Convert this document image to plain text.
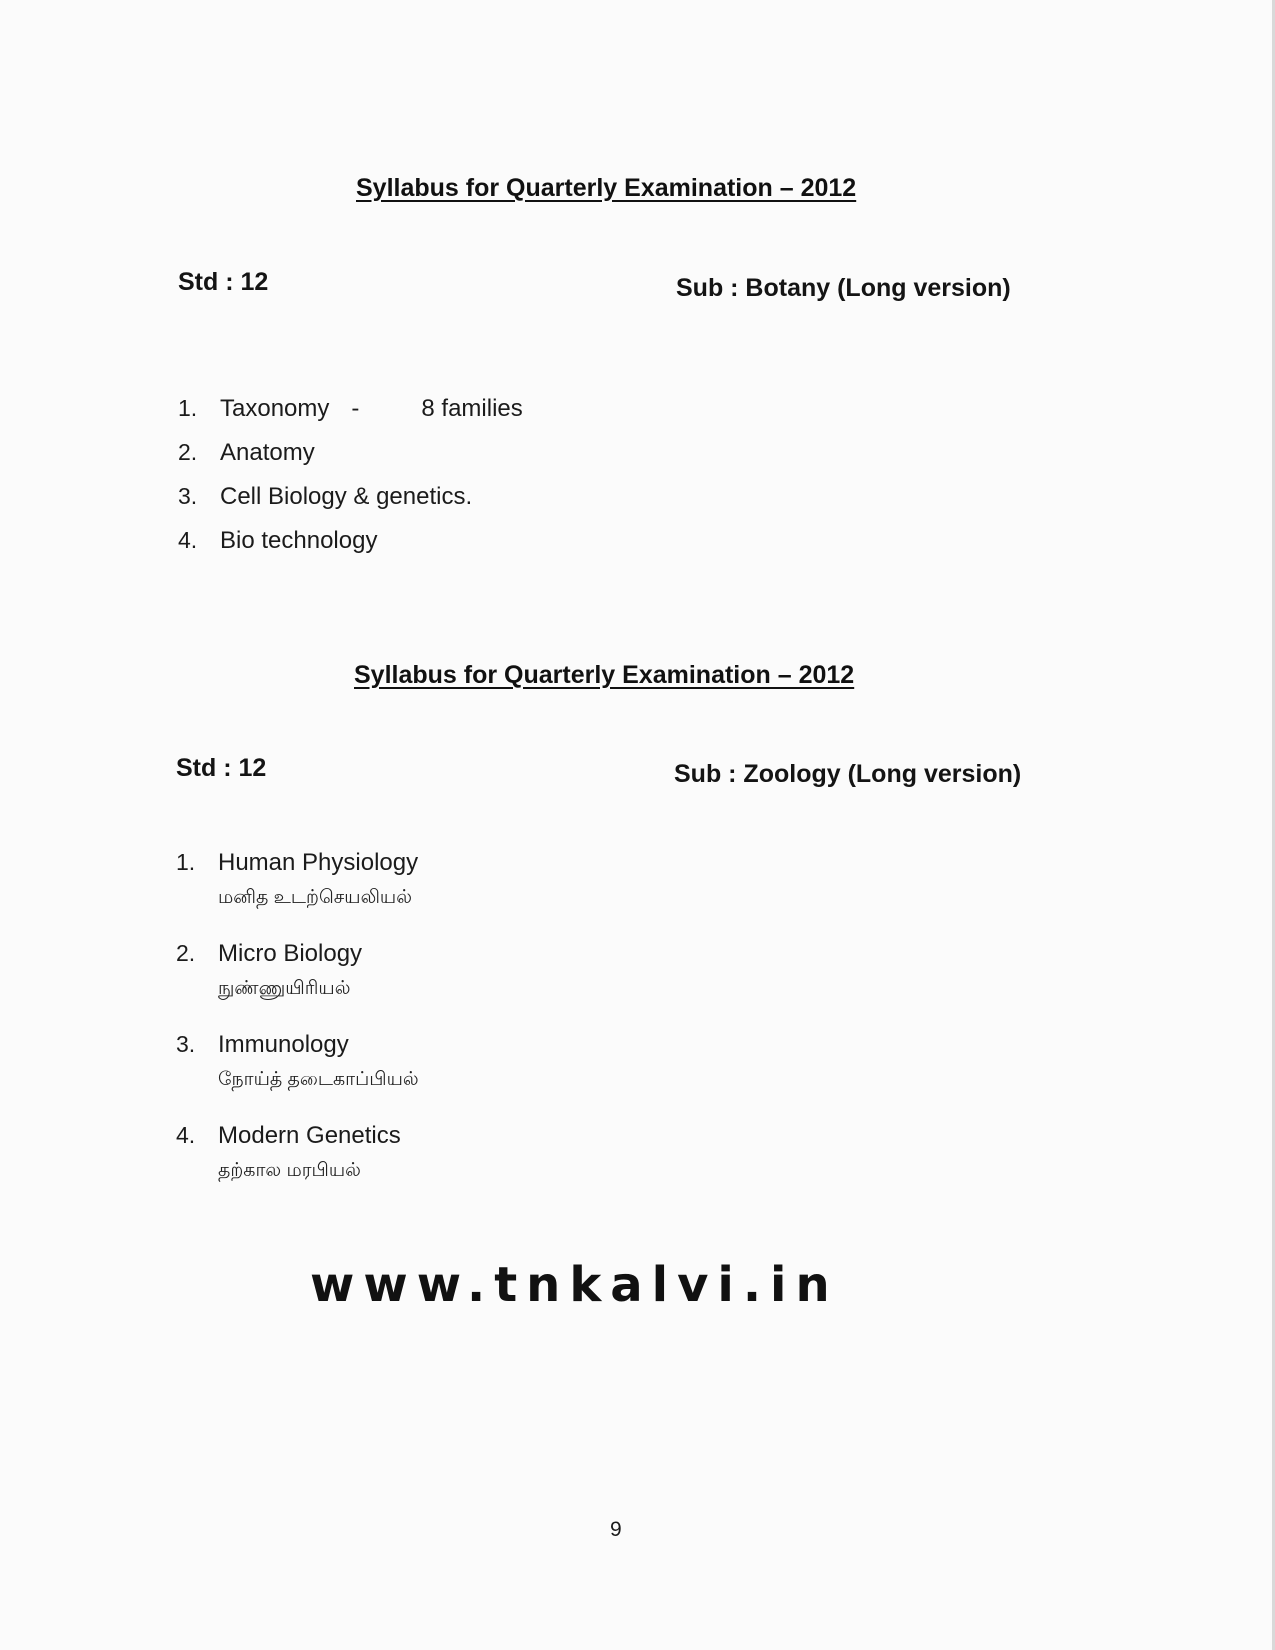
Syllabus for Quarterly Examination – 2012

Std : 12	Sub : Botany (Long version)

1. Taxonomy -	8 families
2. Anatomy
3. Cell Biology & genetics.
4. Bio technology
Syllabus for Quarterly Examination – 2012

Std : 12	Sub : Zoology (Long version)

1. Human Physiology
மனித உடற்செயலியல்
2. Micro Biology
நுண்ணுயிரியல்
3. Immunology
நோய்த் தடைகாப்பியல்
4. Modern Genetics
தற்கால மரபியல்

www.tnkalvi.in

9
